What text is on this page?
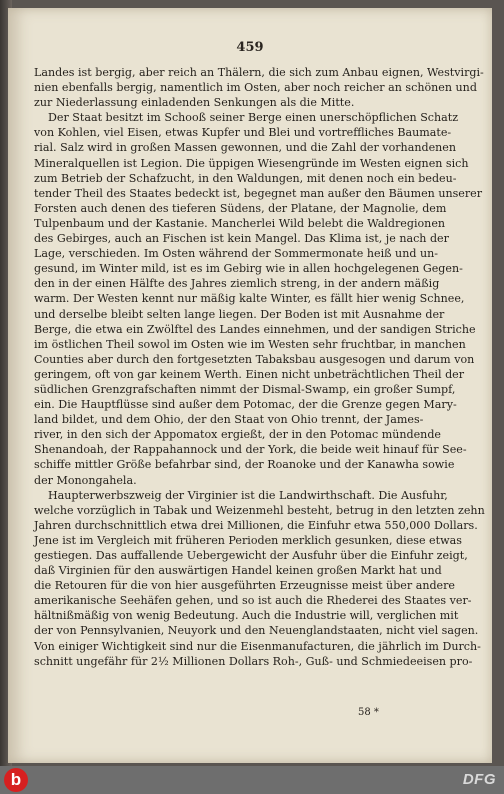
459
Landes ist bergig, aber reich an Thälern, die sich zum Anbau eignen, Westvirgi-
nien ebenfalls bergig, namentlich im Osten, aber noch reicher an schönen und
zur Niederlassung einladenden Senkungen als die Mitte.
Der Staat besitzt im Schooß seiner Berge einen unerschöpflichen Schatz
von Kohlen, viel Eisen, etwas Kupfer und Blei und vortreffliches Baumate-
rial. Salz wird in großen Massen gewonnen, und die Zahl der vorhandenen
Mineralquellen ist Legion. Die üppigen Wiesengründe im Westen eignen sich
zum Betrieb der Schafzucht, in den Waldungen, mit denen noch ein bedeu-
tender Theil des Staates bedeckt ist, begegnet man außer den Bäumen unserer
Forsten auch denen des tieferen Südens, der Platane, der Magnolie, dem
Tulpenbaum und der Kastanie. Mancherlei Wild belebt die Waldregionen
des Gebirges, auch an Fischen ist kein Mangel. Das Klima ist, je nach der
Lage, verschieden. Im Osten während der Sommermonate heiß und un-
gesund, im Winter mild, ist es im Gebirg wie in allen hochgelegenen Gegen-
den in der einen Hälfte des Jahres ziemlich streng, in der andern mäßig
warm. Der Westen kennt nur mäßig kalte Winter, es fällt hier wenig Schnee,
und derselbe bleibt selten lange liegen. Der Boden ist mit Ausnahme der
Berge, die etwa ein Zwölftel des Landes einnehmen, und der sandigen Striche
im östlichen Theil sowol im Osten wie im Westen sehr fruchtbar, in manchen
Counties aber durch den fortgesetzten Tabaksbau ausgesogen und darum von
geringem, oft von gar keinem Werth. Einen nicht unbeträchtlichen Theil der
südlichen Grenzgrafschaften nimmt der Dismal-Swamp, ein großer Sumpf,
ein. Die Hauptflüsse sind außer dem Potomac, der die Grenze gegen Mary-
land bildet, und dem Ohio, der den Staat von Ohio trennt, der James-
river, in den sich der Appomatox ergießt, der in den Potomac mündende
Shenandoah, der Rappahannock und der York, die beide weit hinauf für See-
schiffe mittler Größe befahrbar sind, der Roanoke und der Kanawha sowie
der Monongahela.
Haupterwerbszweig der Virginier ist die Landwirthschaft. Die Ausfuhr,
welche vorzüglich in Tabak und Weizenmehl besteht, betrug in den letzten zehn
Jahren durchschnittlich etwa drei Millionen, die Einfuhr etwa 550,000 Dollars.
Jene ist im Vergleich mit früheren Perioden merklich gesunken, diese etwas
gestiegen. Das auffallende Uebergewicht der Ausfuhr über die Einfuhr zeigt,
daß Virginien für den auswärtigen Handel keinen großen Markt hat und
die Retouren für die von hier ausgeführten Erzeugnisse meist über andere
amerikanische Seehäfen gehen, und so ist auch die Rhederei des Staates ver-
hältnißmäßig von wenig Bedeutung. Auch die Industrie will, verglichen mit
der von Pennsylvanien, Neuyork und den Neuenglandstaaten, nicht viel sagen.
Von einiger Wichtigkeit sind nur die Eisenmanufacturen, die jährlich im Durch-
schnitt ungefähr für 2½ Millionen Dollars Roh-, Guß- und Schmiedeeisen pro-
58 *
b	DFG
